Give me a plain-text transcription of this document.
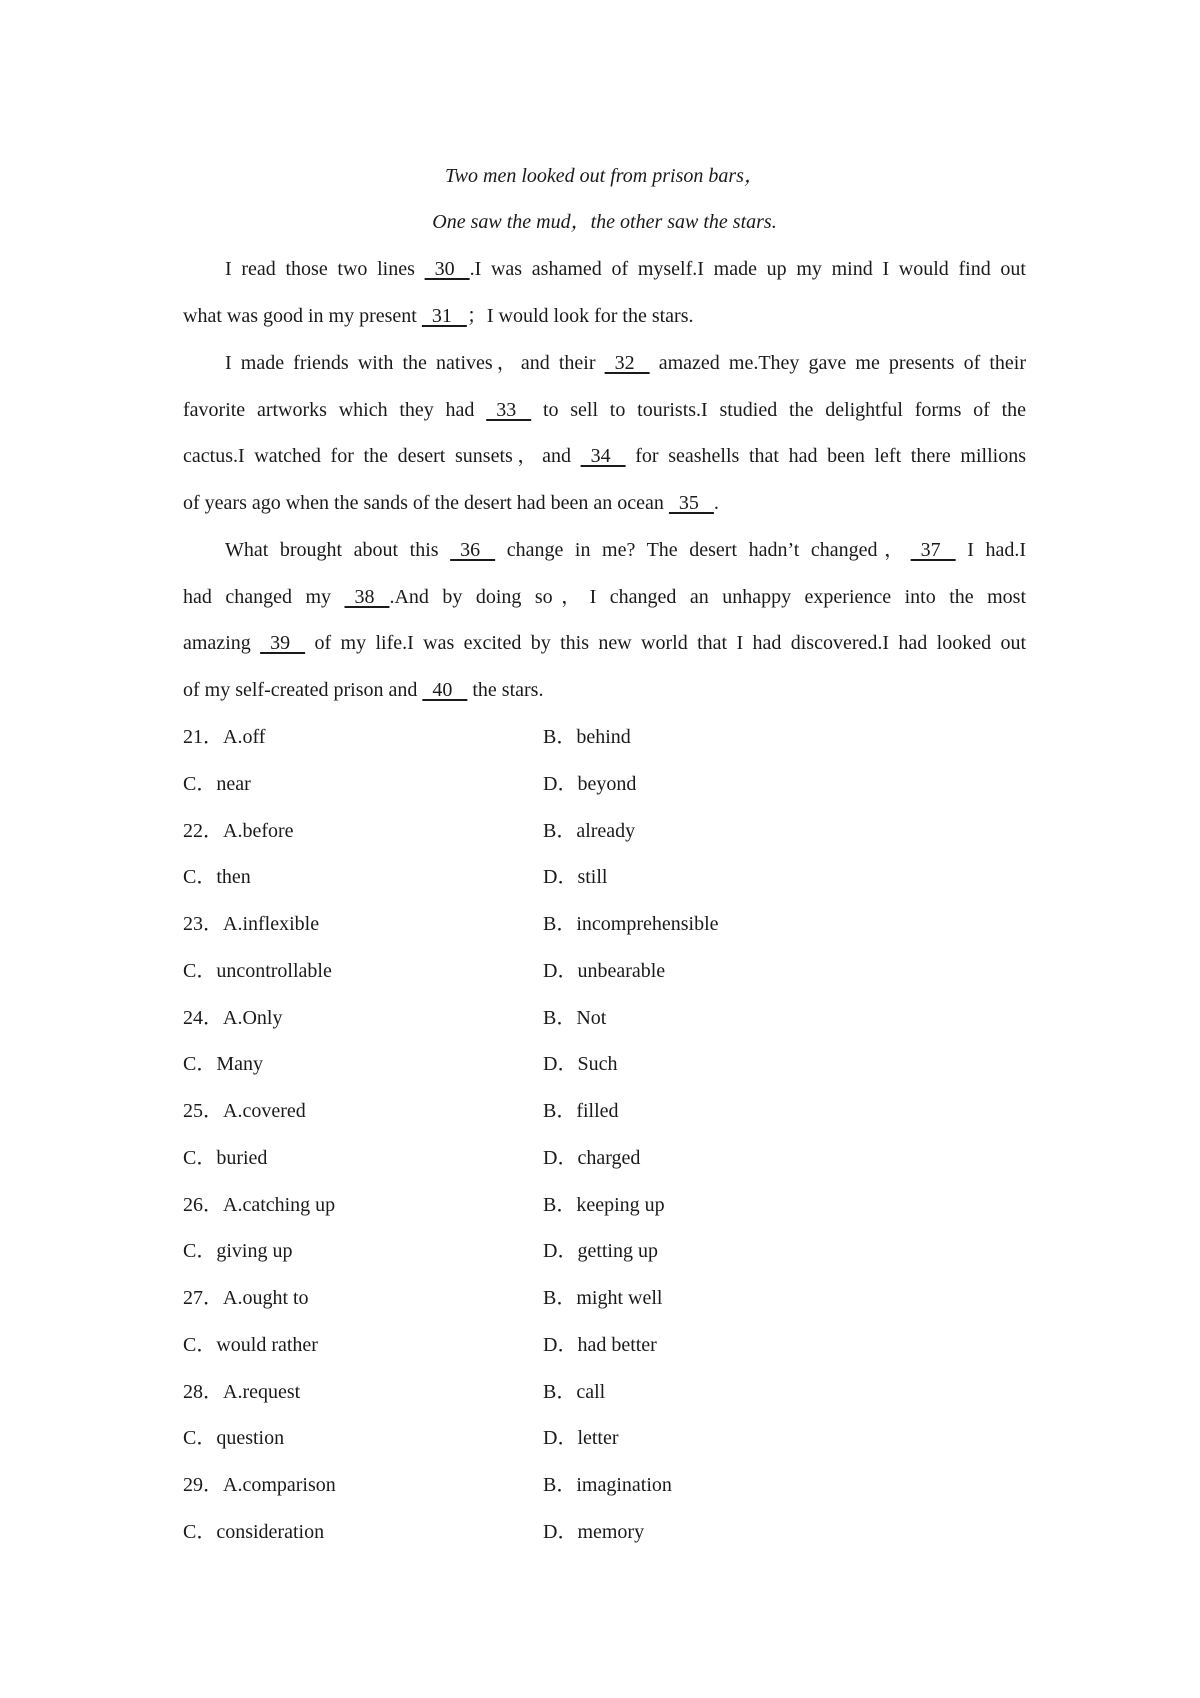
Two men looked out from prison bars，
One saw the mud，the other saw the stars.
I read those two lines   30   .I was ashamed of myself.I made up my mind I would find out
what was good in my present   31   ；I would look for the stars.
I made friends with the natives，and their   32    amazed me.They gave me presents of their
favorite artworks which they had   33    to sell to tourists.I studied the delightful forms of the
cactus.I watched for the desert sunsets，and   34    for seashells that had been left there millions
of years ago when the sands of the desert had been an ocean   35   .
What brought about this   36    change in me? The desert hadn’t changed，  37    I had.I
had changed my   38   .And by doing so，I changed an unhappy experience into the most
amazing   39    of my life.I was excited by this new world that I had discovered.I had looked out
of my self-created prison and   40    the stars.
21．A.off	B．behind
C．near	D．beyond
22．A.before	B．already
C．then	D．still
23．A.inflexible	B．incomprehensible
C．uncontrollable	D．unbearable
24．A.Only	B．Not
C．Many	D．Such
25．A.covered	B．filled
C．buried	D．charged
26．A.catching up	B．keeping up
C．giving up	D．getting up
27．A.ought to	B．might well
C．would rather	D．had better
28．A.request	B．call
C．question	D．letter
29．A.comparison	B．imagination
C．consideration	D．memory
